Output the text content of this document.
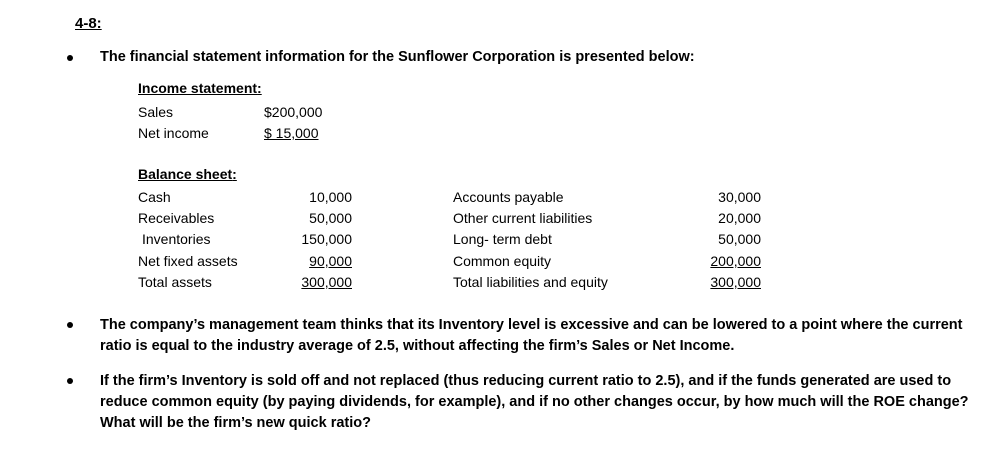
4-8:
The financial statement information for the Sunflower Corporation is presented below:
Income statement:
Sales	$200,000
Net income	$ 15,000
Balance sheet:
Cash
Receivables
Inventories
Net fixed assets
Total assets
10,000
50,000
150,000
90,000
300,000
Accounts payable
Other current liabilities
Long- term debt
Common equity
Total liabilities and equity
30,000
20,000
50,000
200,000
300,000
The company’s management team thinks that its Inventory level is excessive and can be lowered to a point where the current ratio is equal to the industry average of 2.5, without affecting the firm’s Sales or Net Income.
If the firm’s Inventory is sold off and not replaced (thus reducing current ratio to 2.5), and if the funds generated are used to reduce common equity (by paying dividends, for example), and if no other changes occur, by how much will the ROE change? What will be the firm’s new quick ratio?
